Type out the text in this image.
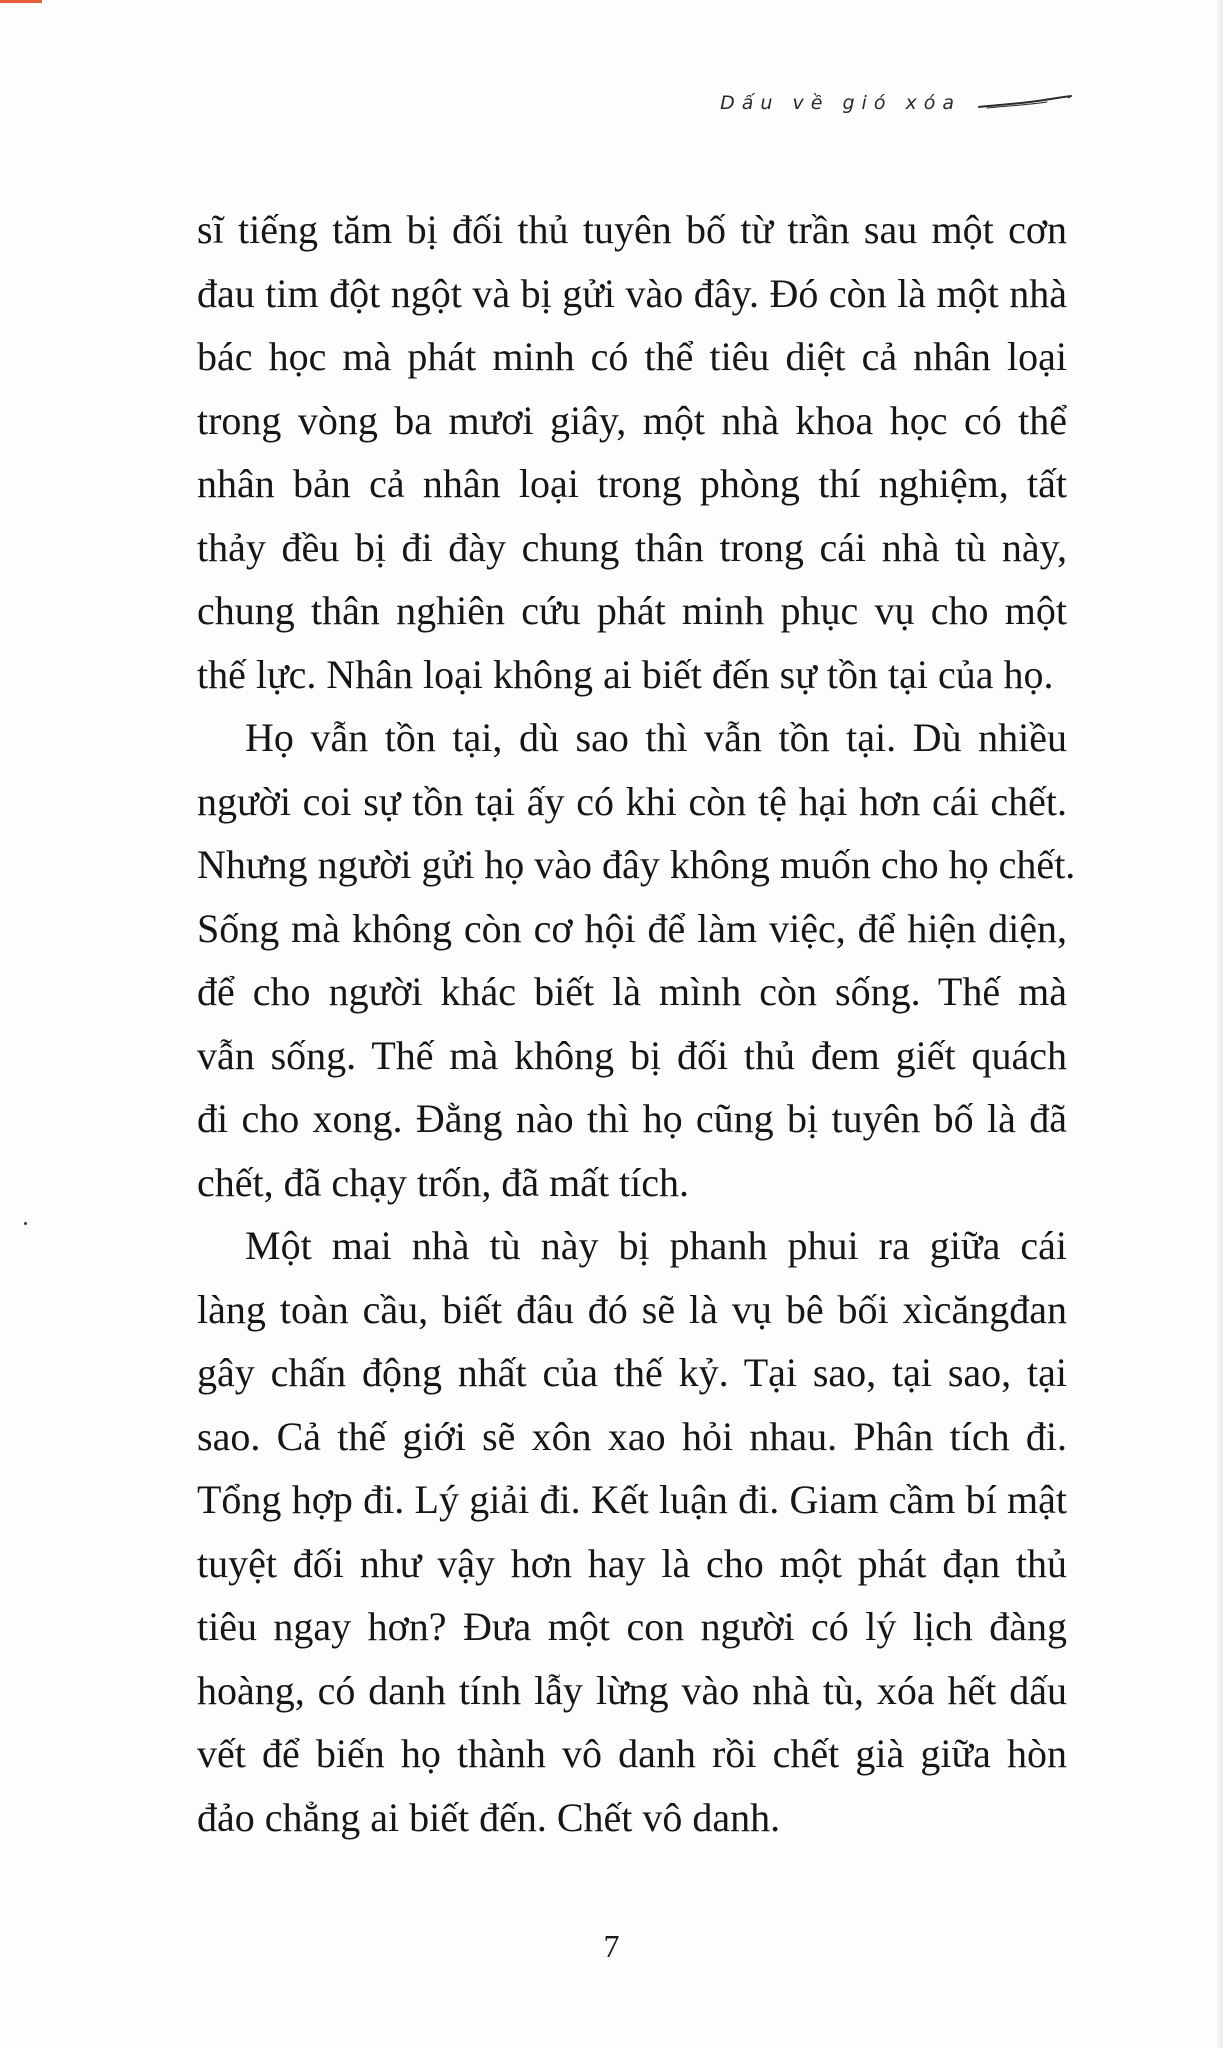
Dấu về gió xóa

sĩ tiếng tăm bị đối thủ tuyên bố từ trần sau một cơn
đau tim đột ngột và bị gửi vào đây. Đó còn là một nhà
bác học mà phát minh có thể tiêu diệt cả nhân loại
trong vòng ba mươi giây, một nhà khoa học có thể
nhân bản cả nhân loại trong phòng thí nghiệm, tất
thảy đều bị đi đày chung thân trong cái nhà tù này,
chung thân nghiên cứu phát minh phục vụ cho một
thế lực. Nhân loại không ai biết đến sự tồn tại của họ.

Họ vẫn tồn tại, dù sao thì vẫn tồn tại. Dù nhiều
người coi sự tồn tại ấy có khi còn tệ hại hơn cái chết.
Nhưng người gửi họ vào đây không muốn cho họ chết.
Sống mà không còn cơ hội để làm việc, để hiện diện,
để cho người khác biết là mình còn sống. Thế mà
vẫn sống. Thế mà không bị đối thủ đem giết quách
đi cho xong. Đằng nào thì họ cũng bị tuyên bố là đã
chết, đã chạy trốn, đã mất tích.

Một mai nhà tù này bị phanh phui ra giữa cái
làng toàn cầu, biết đâu đó sẽ là vụ bê bối xìcăngđan
gây chấn động nhất của thế kỷ. Tại sao, tại sao, tại
sao. Cả thế giới sẽ xôn xao hỏi nhau. Phân tích đi.
Tổng hợp đi. Lý giải đi. Kết luận đi. Giam cầm bí mật
tuyệt đối như vậy hơn hay là cho một phát đạn thủ
tiêu ngay hơn? Đưa một con người có lý lịch đàng
hoàng, có danh tính lẫy lừng vào nhà tù, xóa hết dấu
vết để biến họ thành vô danh rồi chết già giữa hòn
đảo chẳng ai biết đến. Chết vô danh.

7
